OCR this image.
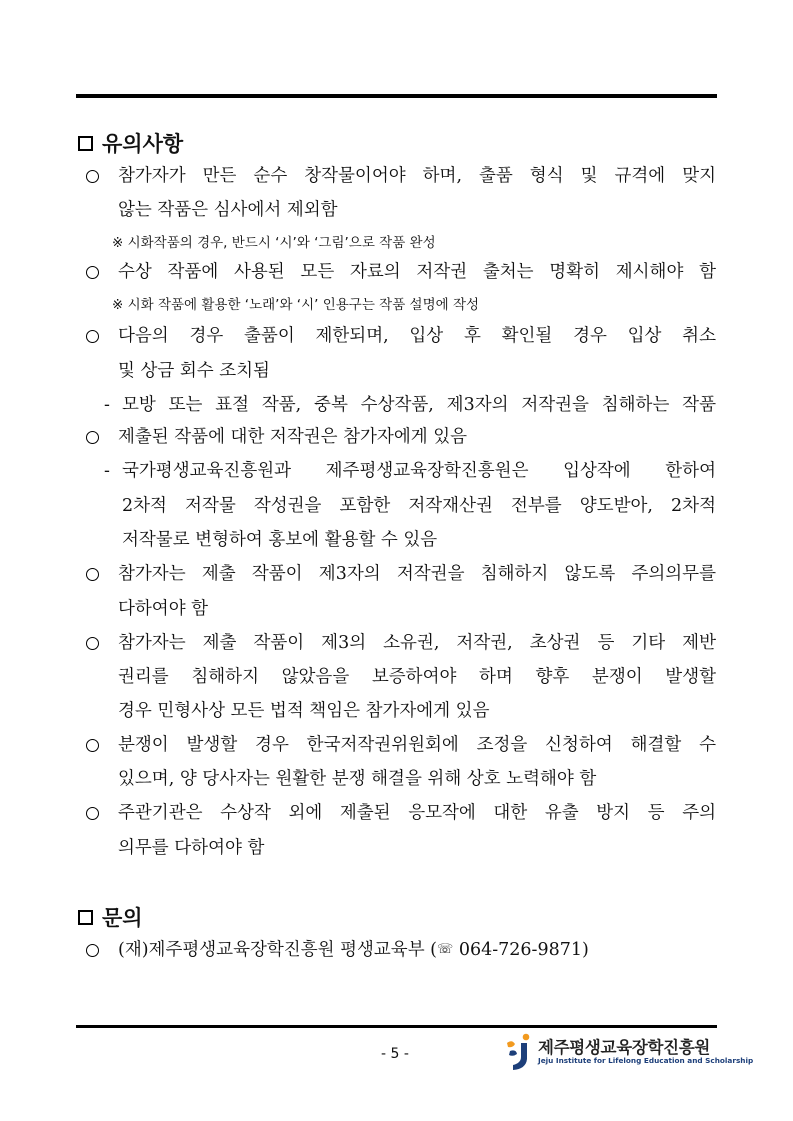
유의사항
참가자가 만든 순수 창작물이어야 하며, 출품 형식 및 규격에 맞지
않는 작품은 심사에서 제외함
※ 시화작품의 경우, 반드시 ‘시’와 ‘그림’으로 작품 완성
수상 작품에 사용된 모든 자료의 저작권 출처는 명확히 제시해야 함
※ 시화 작품에 활용한 ‘노래’와 ‘시’ 인용구는 작품 설명에 작성
다음의 경우 출품이 제한되며, 입상 후 확인될 경우 입상 취소
및 상금 회수 조치됨
- 모방 또는 표절 작품, 중복 수상작품, 제3자의 저작권을 침해하는 작품
제출된 작품에 대한 저작권은 참가자에게 있음
- 국가평생교육진흥원과 제주평생교육장학진흥원은 입상작에 한하여
2차적 저작물 작성권을 포함한 저작재산권 전부를 양도받아, 2차적
저작물로 변형하여 홍보에 활용할 수 있음
참가자는 제출 작품이 제3자의 저작권을 침해하지 않도록 주의의무를
다하여야 함
참가자는 제출 작품이 제3의 소유권, 저작권, 초상권 등 기타 제반
권리를 침해하지 않았음을 보증하여야 하며 향후 분쟁이 발생할
경우 민형사상 모든 법적 책임은 참가자에게 있음
분쟁이 발생할 경우 한국저작권위원회에 조정을 신청하여 해결할 수
있으며, 양 당사자는 원활한 분쟁 해결을 위해 상호 노력해야 함
주관기관은 수상작 외에 제출된 응모작에 대한 유출 방지 등 주의
의무를 다하여야 함
문의
(재)제주평생교육장학진흥원 평생교육부 (☏ 064-726-9871)
- 5 -	제주평생교육장학진흥원
Jeju Institute for Lifelong Education and Scholarship
